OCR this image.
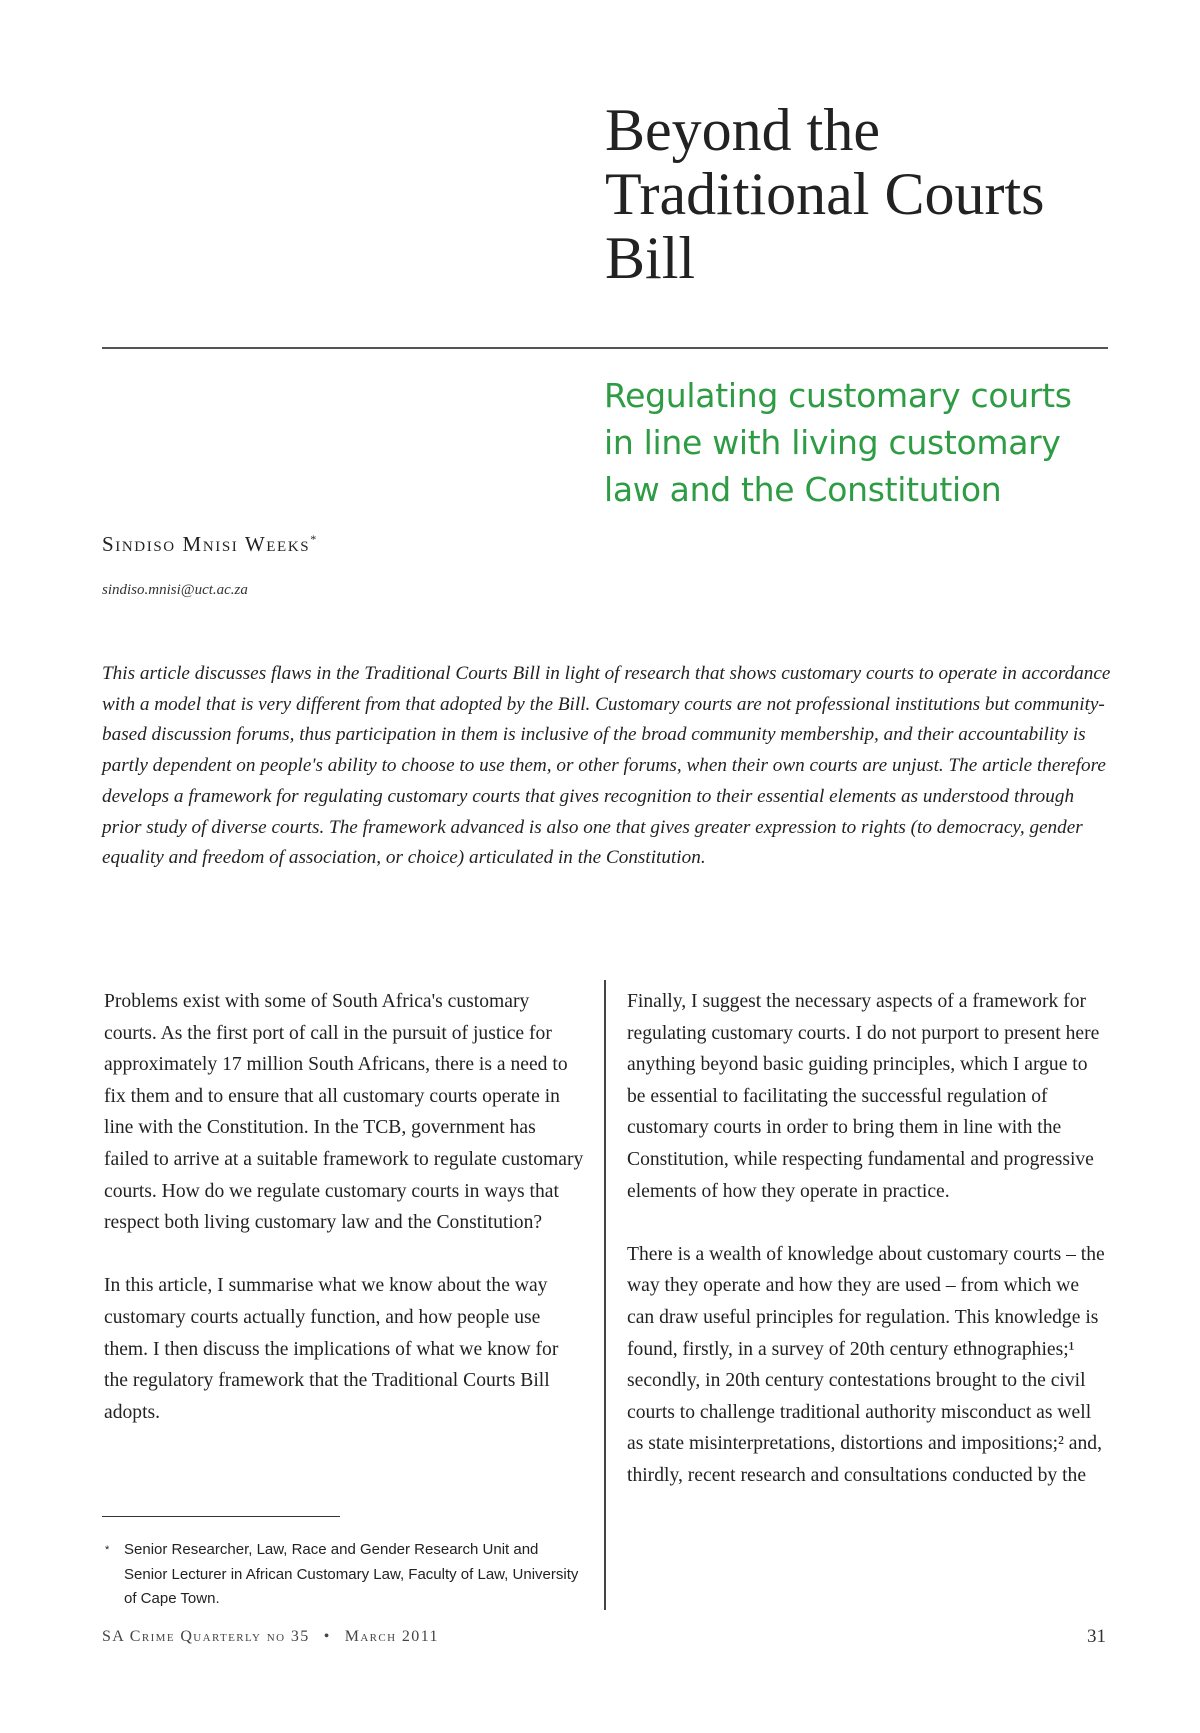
Beyond the
Traditional Courts
Bill
Regulating customary courts
in line with living customary
law and the Constitution
Sindiso Mnisi Weeks*
sindiso.mnisi@uct.ac.za

This article discusses flaws in the Traditional Courts Bill in light of research that shows customary courts to operate in accordance with a model that is very different from that adopted by the Bill. Customary courts are not professional institutions but community-based discussion forums, thus participation in them is inclusive of the broad community membership, and their accountability is partly dependent on people's ability to choose to use them, or other forums, when their own courts are unjust. The article therefore develops a framework for regulating customary courts that gives recognition to their essential elements as understood through prior study of diverse courts. The framework advanced is also one that gives greater expression to rights (to democracy, gender equality and freedom of association, or choice) articulated in the Constitution.

Problems exist with some of South Africa's customary courts. As the first port of call in the pursuit of justice for approximately 17 million South Africans, there is a need to fix them and to ensure that all customary courts operate in line with the Constitution. In the TCB, government has failed to arrive at a suitable framework to regulate customary courts. How do we regulate customary courts in ways that respect both living customary law and the Constitution?

In this article, I summarise what we know about the way customary courts actually function, and how people use them. I then discuss the implications of what we know for the regulatory framework that the Traditional Courts Bill adopts.

Finally, I suggest the necessary aspects of a framework for regulating customary courts. I do not purport to present here anything beyond basic guiding principles, which I argue to be essential to facilitating the successful regulation of customary courts in order to bring them in line with the Constitution, while respecting fundamental and progressive elements of how they operate in practice.

There is a wealth of knowledge about customary courts – the way they operate and how they are used – from which we can draw useful principles for regulation. This knowledge is found, firstly, in a survey of 20th century ethnographies;¹ secondly, in 20th century contestations brought to the civil courts to challenge traditional authority misconduct as well as state misinterpretations, distortions and impositions;² and, thirdly, recent research and consultations conducted by the

* Senior Researcher, Law, Race and Gender Research Unit and Senior Lecturer in African Customary Law, Faculty of Law, University of Cape Town.
SA Crime Quarterly no 35 • March 2011	31
